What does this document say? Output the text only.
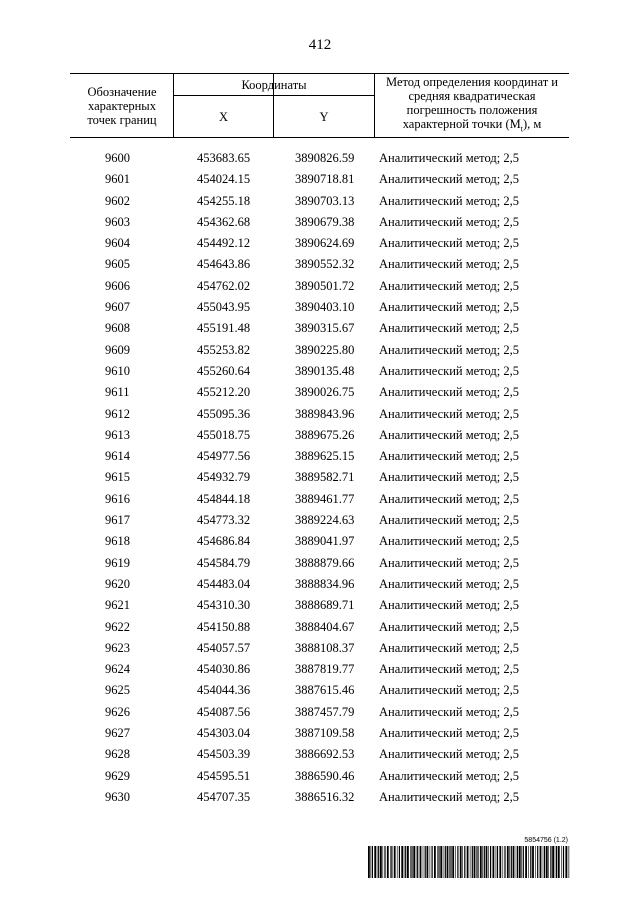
412
Обозначение характерных точек границ
Координаты
X	Y
Метод определения координат и средняя квадратическая погрешность положения характерной точки $(M_t)$, м
9600	453683.65	3890826.59 Аналитический метод; 2,5
9601	454024.15	3890718.81 Аналитический метод; 2,5
9602	454255.18	3890703.13 Аналитический метод; 2,5
9603	454362.68	3890679.38 Аналитический метод; 2,5
9604	454492.12	3890624.69 Аналитический метод; 2,5
9605	454643.86	3890552.32 Аналитический метод; 2,5
9606	454762.02	3890501.72 Аналитический метод; 2,5
9607	455043.95	3890403.10 Аналитический метод; 2,5
9608	455191.48	3890315.67 Аналитический метод; 2,5
9609	455253.82	3890225.80 Аналитический метод; 2,5
9610	455260.64	3890135.48 Аналитический метод; 2,5
9611	455212.20	3890026.75 Аналитический метод; 2,5
9612	455095.36	3889843.96 Аналитический метод; 2,5
9613	455018.75	3889675.26 Аналитический метод; 2,5
9614	454977.56	3889625.15 Аналитический метод; 2,5
9615	454932.79	3889582.71 Аналитический метод; 2,5
9616	454844.18	3889461.77 Аналитический метод; 2,5
9617	454773.32	3889224.63 Аналитический метод; 2,5
9618	454686.84	3889041.97 Аналитический метод; 2,5
9619	454584.79	3888879.66 Аналитический метод; 2,5
9620	454483.04	3888834.96 Аналитический метод; 2,5
9621	454310.30	3888689.71 Аналитический метод; 2,5
9622	454150.88	3888404.67 Аналитический метод; 2,5
9623	454057.57	3888108.37 Аналитический метод; 2,5
9624	454030.86	3887819.77 Аналитический метод; 2,5
9625	454044.36	3887615.46 Аналитический метод; 2,5
9626	454087.56	3887457.79 Аналитический метод; 2,5
9627	454303.04	3887109.58 Аналитический метод; 2,5
9628	454503.39	3886692.53 Аналитический метод; 2,5
9629	454595.51	3886590.46 Аналитический метод; 2,5
9630	454707.35	3886516.32 Аналитический метод; 2,5
5854756 (1.2)
